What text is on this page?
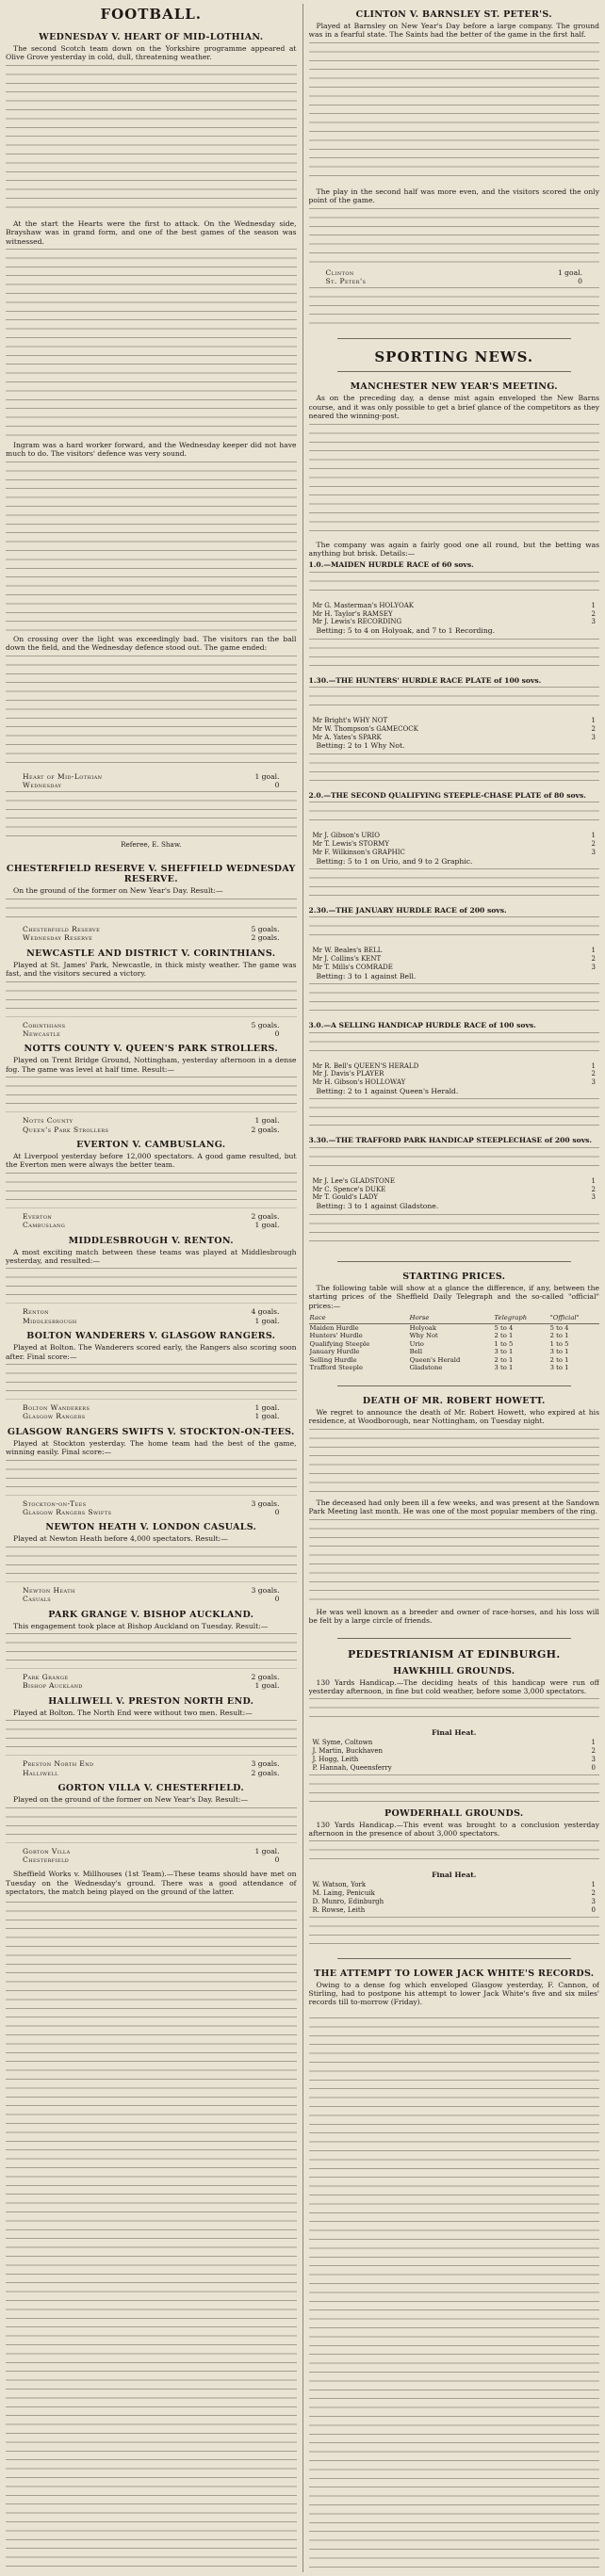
FOOTBALL.
WEDNESDAY V. HEART OF MID-LOTHIAN.

The second Scotch team down on the Yorkshire programme appeared at Olive Grove yesterday in cold, dull, threatening weather.

At the start the Hearts were the first to attack. On the Wednesday side, Brayshaw was in grand form, and one of the best games of the season was witnessed.

Ingram was a hard worker forward, and the Wednesday keeper did not have much to do. The visitors' defence was very sound.

On crossing over the light was exceedingly bad. The visitors ran the ball down the field, and the Wednesday defence stood out. The game ended:

Heart of Mid-Lothian	1 goal.
Wednesday	0
Referee, E. Shaw.
CHESTERFIELD RESERVE V. SHEFFIELD WEDNESDAY RESERVE.

On the ground of the former on New Year's Day. Result:—

Chesterfield Reserve	5 goals.
Wednesday Reserve	2 goals.
NEWCASTLE AND DISTRICT V. CORINTHIANS.

Played at St. James' Park, Newcastle, in thick misty weather. The game was fast, and the visitors secured a victory.

Corinthians	5 goals.
Newcastle	0
NOTTS COUNTY V. QUEEN'S PARK STROLLERS.

Played on Trent Bridge Ground, Nottingham, yesterday afternoon in a dense fog. The game was level at half time. Result:—

Notts County	1 goal.
Queen's Park Strollers	2 goals.
EVERTON V. CAMBUSLANG.

At Liverpool yesterday before 12,000 spectators. A good game resulted, but the Everton men were always the better team.

Everton	2 goals.
Cambuslang	1 goal.
MIDDLESBROUGH V. RENTON.

A most exciting match between these teams was played at Middlesbrough yesterday, and resulted:—

Renton	4 goals.
Middlesbrough	1 goal.
BOLTON WANDERERS V. GLASGOW RANGERS.

Played at Bolton. The Wanderers scored early, the Rangers also scoring soon after. Final score:—

Bolton Wanderers	1 goal.
Glasgow Rangers	1 goal.
GLASGOW RANGERS SWIFTS V. STOCKTON-ON-TEES.

Played at Stockton yesterday. The home team had the best of the game, winning easily. Final score:—

Stockton-on-Tees	3 goals.
Glasgow Rangers Swifts	0
NEWTON HEATH V. LONDON CASUALS.

Played at Newton Heath before 4,000 spectators. Result:—

Newton Heath	3 goals.
Casuals	0
PARK GRANGE V. BISHOP AUCKLAND.

This engagement took place at Bishop Auckland on Tuesday. Result:—

Park Grange	2 goals.
Bishop Auckland	1 goal.
HALLIWELL V. PRESTON NORTH END.

Played at Bolton. The North End were without two men. Result:—

Preston North End	3 goals.
Halliwell	2 goals.
GORTON VILLA V. CHESTERFIELD.

Played on the ground of the former on New Year's Day. Result:—

Gorton Villa	1 goal.
Chesterfield	0

Sheffield Works v. Millhouses (1st Team).—These teams should have met on Tuesday on the Wednesday's ground. There was a good attendance of spectators, the match being played on the ground of the latter.

CLINTON V. BARNSLEY ST. PETER'S.

Played at Barnsley on New Year's Day before a large company. The ground was in a fearful state. The Saints had the better of the game in the first half.

The play in the second half was more even, and the visitors scored the only point of the game.

Clinton	1 goal.
St. Peter's	0
SPORTING NEWS.
MANCHESTER NEW YEAR'S MEETING.

As on the preceding day, a dense mist again enveloped the New Barns course, and it was only possible to get a brief glance of the competitors as they neared the winning-post.

The company was again a fairly good one all round, but the betting was anything but brisk. Details:—

1.0.—MAIDEN HURDLE RACE of 60 sovs.
Mr G. Masterman's HOLYOAK	1
Mr H. Taylor's RAMSEY	2
Mr J. Lewis's RECORDING	3

Betting: 5 to 4 on Holyoak, and 7 to 1 Recording.

1.30.—THE HUNTERS' HURDLE RACE PLATE of 100 sovs.
Mr Bright's WHY NOT	1
Mr W. Thompson's GAMECOCK	2
Mr A. Yates's SPARK	3

Betting: 2 to 1 Why Not.

2.0.—THE SECOND QUALIFYING STEEPLE-CHASE PLATE of 80 sovs.
Mr J. Gibson's URIO	1
Mr T. Lewis's STORMY	2
Mr F. Wilkinson's GRAPHIC	3

Betting: 5 to 1 on Urio, and 9 to 2 Graphic.

2.30.—THE JANUARY HURDLE RACE of 200 sovs.
Mr W. Beales's BELL	1
Mr J. Collins's KENT	2
Mr T. Mills's COMRADE	3

Betting: 3 to 1 against Bell.

3.0.—A SELLING HANDICAP HURDLE RACE of 100 sovs.
Mr R. Bell's QUEEN'S HERALD	1
Mr J. Davis's PLAYER	2
Mr H. Gibson's HOLLOWAY	3

Betting: 2 to 1 against Queen's Herald.

3.30.—THE TRAFFORD PARK HANDICAP STEEPLECHASE of 200 sovs.
Mr J. Lee's GLADSTONE	1
Mr C. Spence's DUKE	2
Mr T. Gould's LADY	3

Betting: 3 to 1 against Gladstone.

STARTING PRICES.

The following table will show at a glance the difference, if any, between the starting prices of the Sheffield Daily Telegraph and the so-called "official" prices:—

Race	Horse	Telegraph	"Official"
Maiden Hurdle	Holyoak	5 to 4	5 to 4
Hunters' Hurdle	Why Not	2 to 1	2 to 1
Qualifying Steeple	Urio	1 to 5	1 to 5
January Hurdle	Bell	3 to 1	3 to 1
Selling Hurdle	Queen's Herald	2 to 1	2 to 1
Trafford Steeple	Gladstone	3 to 1	3 to 1
DEATH OF MR. ROBERT HOWETT.

We regret to announce the death of Mr. Robert Howett, who expired at his residence, at Woodborough, near Nottingham, on Tuesday night.

The deceased had only been ill a few weeks, and was present at the Sandown Park Meeting last month. He was one of the most popular members of the ring.

He was well known as a breeder and owner of race-horses, and his loss will be felt by a large circle of friends.

PEDESTRIANISM AT EDINBURGH.
HAWKHILL GROUNDS.

130 Yards Handicap.—The deciding heats of this handicap were run off yesterday afternoon, in fine but cold weather, before some 3,000 spectators.

Final Heat.
W. Syme, Coltown	1
J. Martin, Buckhaven	2
J. Hogg, Leith	3
P. Hannah, Queensferry	0
POWDERHALL GROUNDS.

130 Yards Handicap.—This event was brought to a conclusion yesterday afternoon in the presence of about 3,000 spectators.

Final Heat.
W. Watson, York	1
M. Laing, Penicuik	2
D. Munro, Edinburgh	3
R. Rowse, Leith	0
THE ATTEMPT TO LOWER JACK WHITE'S RECORDS.

Owing to a dense fog which enveloped Glasgow yesterday, F. Cannon, of Stirling, had to postpone his attempt to lower Jack White's five and six miles' records till to-morrow (Friday).
